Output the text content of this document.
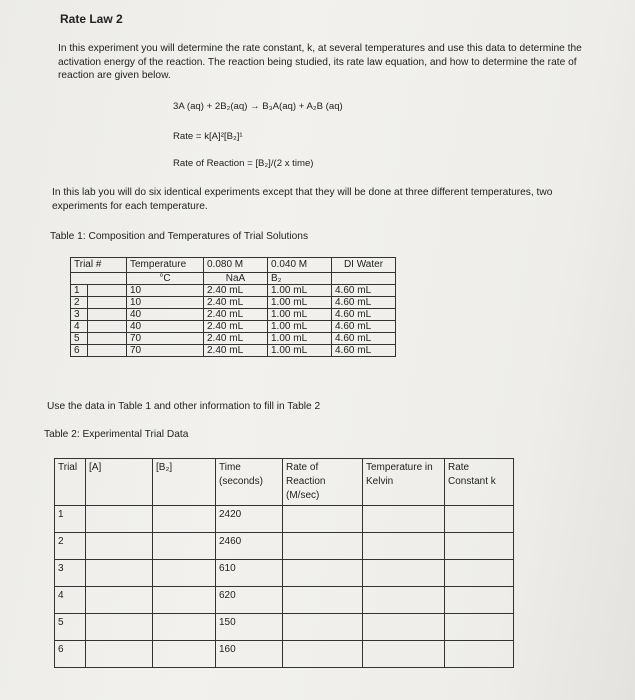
Rate Law 2
In this experiment you will determine the rate constant, k, at several temperatures and use this data to determine the activation energy of the reaction. The reaction being studied, its rate law equation, and how to determine the rate of reaction are given below.
3A (aq) + 2B₂(aq) → B₃A(aq) + A₂B (aq)
Rate = k[A]²[B₂]¹
Rate of Reaction = [B₂]/(2 x time)
In this lab you will do six identical experiments except that they will be done at three different temperatures, two experiments for each temperature.
Table 1: Composition and Temperatures of Trial Solutions
Trial #		Temperature	0.080 M	0.040 M	DI Water
		°C	NaA	B₂	
1		10	2.40 mL	1.00 mL	4.60 mL
2		10	2.40 mL	1.00 mL	4.60 mL
3		40	2.40 mL	1.00 mL	4.60 mL
4		40	2.40 mL	1.00 mL	4.60 mL
5		70	2.40 mL	1.00 mL	4.60 mL
6		70	2.40 mL	1.00 mL	4.60 mL
Use the data in Table 1 and other information to fill in Table 2
Table 2: Experimental Trial Data
Trial	[A]	[B₂]	Time (seconds)	Rate of Reaction (M/sec)	Temperature in Kelvin	Rate Constant k
1			2420			
2			2460			
3			610			
4			620			
5			150			
6			160			
